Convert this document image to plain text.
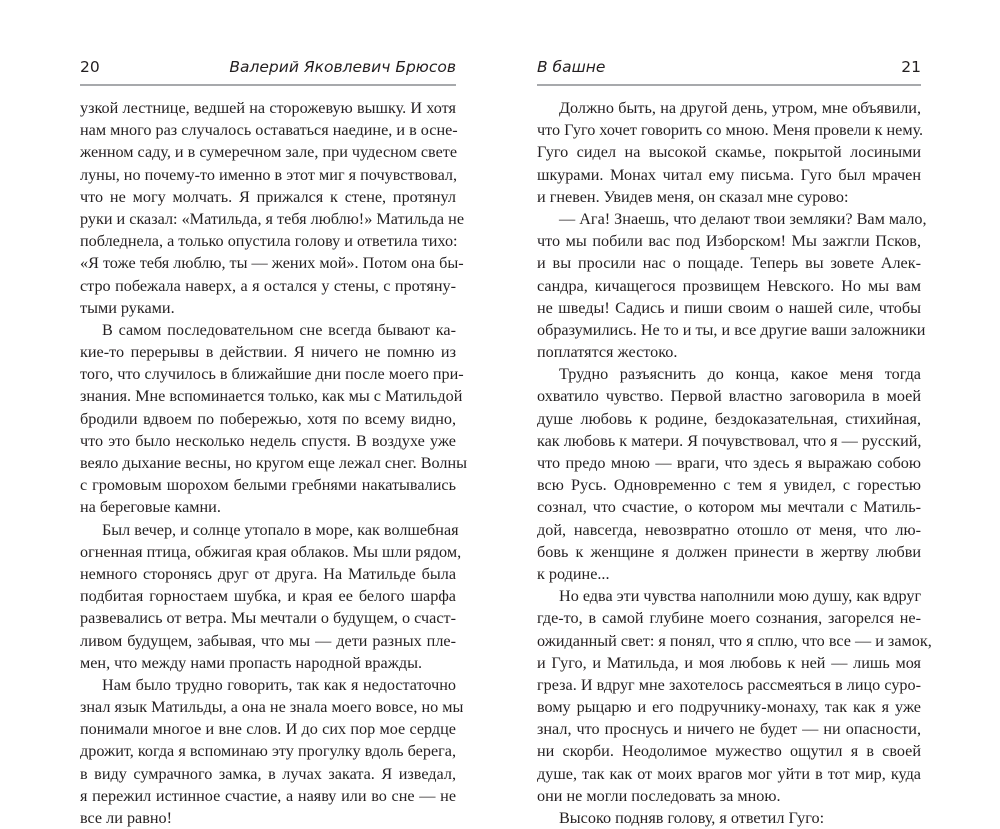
20	Валерий Яковлевич Брюсов

узкой лестнице, ведшей на сторожевую вышку. И хотя
нам много раз случалось оставаться наедине, и в осне-
женном саду, и в сумеречном зале, при чудесном свете
луны, но почему-то именно в этот миг я почувствовал,
что не могу молчать. Я прижался к стене, протянул
руки и сказал: «Матильда, я тебя люблю!» Матильда не
побледнела, а только опустила голову и ответила тихо:
«Я тоже тебя люблю, ты — жених мой». Потом она бы-
стро побежала наверх, а я остался у стены, с протяну-
тыми руками.

В самом последовательном сне всегда бывают ка-
кие-то перерывы в действии. Я ничего не помню из
того, что случилось в ближайшие дни после моего при-
знания. Мне вспоминается только, как мы с Матильдой
бродили вдвоем по побережью, хотя по всему видно,
что это было несколько недель спустя. В воздухе уже
веяло дыхание весны, но кругом еще лежал снег. Волны
с громовым шорохом белыми гребнями накатывались
на береговые камни.

Был вечер, и солнце утопало в море, как волшебная
огненная птица, обжигая края облаков. Мы шли рядом,
немного сторонясь друг от друга. На Матильде была
подбитая горностаем шубка, и края ее белого шарфа
развевались от ветра. Мы мечтали о будущем, о счаст-
ливом будущем, забывая, что мы — дети разных пле-
мен, что между нами пропасть народной вражды.

Нам было трудно говорить, так как я недостаточно
знал язык Матильды, а она не знала моего вовсе, но мы
понимали многое и вне слов. И до сих пор мое сердце
дрожит, когда я вспоминаю эту прогулку вдоль берега,
в виду сумрачного замка, в лучах заката. Я изведал,
я пережил истинное счастие, а наяву или во сне — не
все ли равно!

В башне	21

Должно быть, на другой день, утром, мне объявили,
что Гуго хочет говорить со мною. Меня провели к нему.
Гуго сидел на высокой скамье, покрытой лосиными
шкурами. Монах читал ему письма. Гуго был мрачен
и гневен. Увидев меня, он сказал мне сурово:

— Ага! Знаешь, что делают твои земляки? Вам мало,
что мы побили вас под Изборском! Мы зажгли Псков,
и вы просили нас о пощаде. Теперь вы зовете Алек-
сандра, кичащегося прозвищем Невского. Но мы вам
не шведы! Садись и пиши своим о нашей силе, чтобы
образумились. Не то и ты, и все другие ваши заложники
поплатятся жестоко.

Трудно разъяснить до конца, какое меня тогда
охватило чувство. Первой властно заговорила в моей
душе любовь к родине, бездоказательная, стихийная,
как любовь к матери. Я почувствовал, что я — русский,
что предо мною — враги, что здесь я выражаю собою
всю Русь. Одновременно с тем я увидел, с горестью
сознал, что счастие, о котором мы мечтали с Матиль-
дой, навсегда, невозвратно отошло от меня, что лю-
бовь к женщине я должен принести в жертву любви
к родине...

Но едва эти чувства наполнили мою душу, как вдруг
где-то, в самой глубине моего сознания, загорелся не-
ожиданный свет: я понял, что я сплю, что все — и замок,
и Гуго, и Матильда, и моя любовь к ней — лишь моя
греза. И вдруг мне захотелось рассмеяться в лицо суро-
вому рыцарю и его подручнику-монаху, так как я уже
знал, что проснусь и ничего не будет — ни опасности,
ни скорби. Неодолимое мужество ощутил я в своей
душе, так как от моих врагов мог уйти в тот мир, куда
они не могли последовать за мною.

Высоко подняв голову, я ответил Гуго:
